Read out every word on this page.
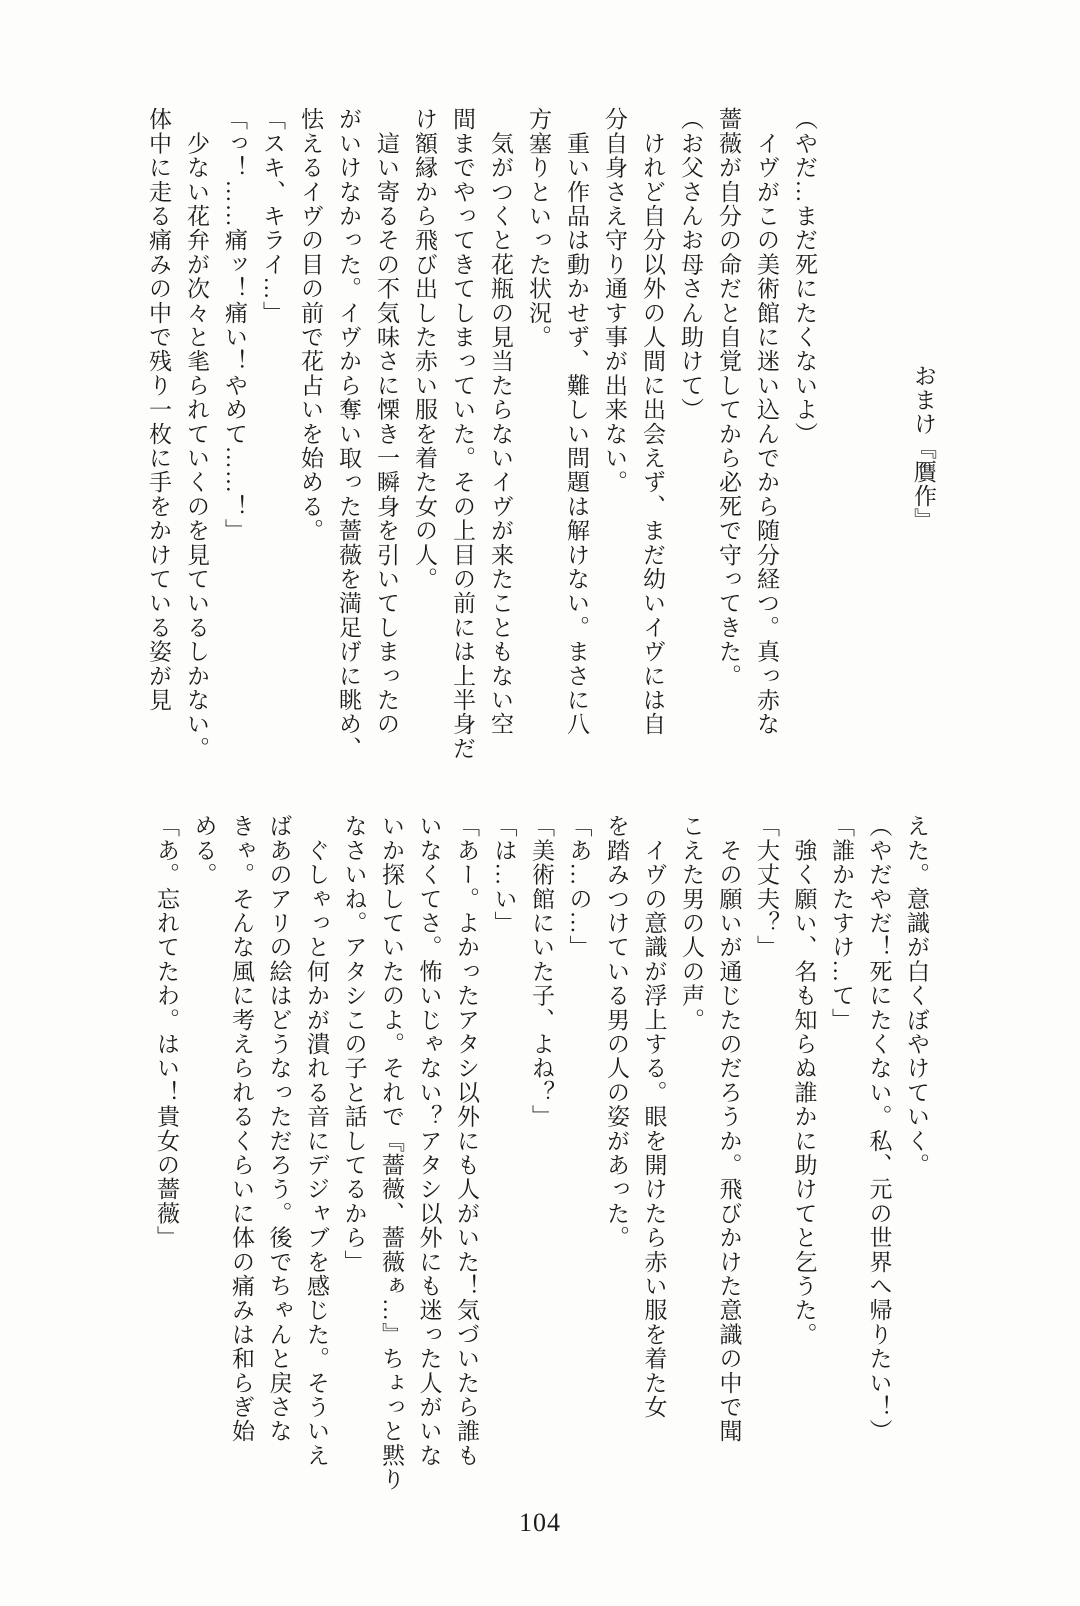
おまけ『贋作』
（やだ…まだ死にたくないよ）
　イヴがこの美術館に迷い込んでから随分経つ。真っ赤な
薔薇が自分の命だと自覚してから必死で守ってきた。
（お父さんお母さん助けて）
　けれど自分以外の人間に出会えず、まだ幼いイヴには自
分自身さえ守り通す事が出来ない。
　重い作品は動かせず、難しい問題は解けない。まさに八
方塞りといった状況。
　気がつくと花瓶の見当たらないイヴが来たこともない空
間までやってきてしまっていた。その上目の前には上半身だ
け額縁から飛び出した赤い服を着た女の人。
　這い寄るその不気味さに慄き一瞬身を引いてしまったの
がいけなかった。イヴから奪い取った薔薇を満足げに眺め、
怯えるイヴの目の前で花占いを始める。
「スキ、キライ…」
「っ！……痛ッ！痛い！やめて……！」
　少ない花弁が次々と毟られていくのを見ているしかない。
体中に走る痛みの中で残り一枚に手をかけている姿が見
えた。意識が白くぼやけていく。
（やだやだ！死にたくない。私、元の世界へ帰りたい！）
「誰かたすけ…て」
　強く願い、名も知らぬ誰かに助けてと乞うた。
「大丈夫？」
　その願いが通じたのだろうか。飛びかけた意識の中で聞
こえた男の人の声。
　イヴの意識が浮上する。眼を開けたら赤い服を着た女
を踏みつけている男の人の姿があった。
「あ…の…」
「美術館にいた子、よね？」
「は…い」
「あー。よかったアタシ以外にも人がいた！気づいたら誰も
いなくてさ。怖いじゃない？アタシ以外にも迷った人がいな
いか探していたのよ。それで『薔薇、薔薇ぁ…』ちょっと黙り
なさいね。アタシこの子と話してるから」
　ぐしゃっと何かが潰れる音にデジャブを感じた。そういえ
ばあのアリの絵はどうなっただろう。後でちゃんと戻さな
きゃ。そんな風に考えられるくらいに体の痛みは和らぎ始
める。
「あ。忘れてたわ。はい！貴女の薔薇」
104
